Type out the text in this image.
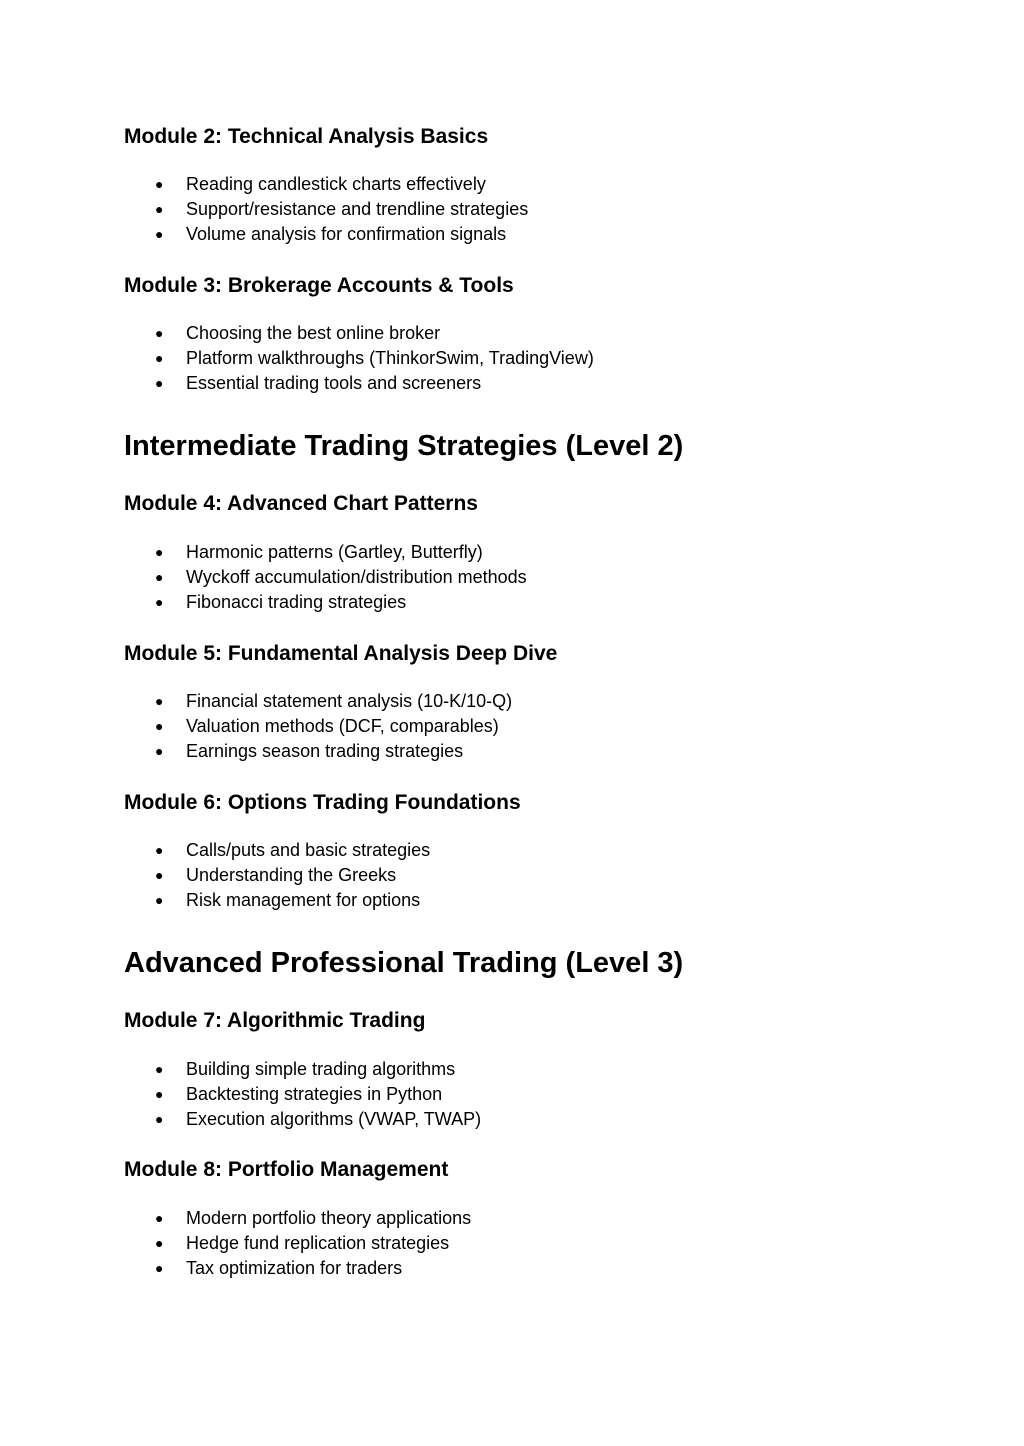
Module 2: Technical Analysis Basics
● Reading candlestick charts effectively
● Support/resistance and trendline strategies
● Volume analysis for confirmation signals
Module 3: Brokerage Accounts & Tools
● Choosing the best online broker
● Platform walkthroughs (ThinkorSwim, TradingView)
● Essential trading tools and screeners
Intermediate Trading Strategies (Level 2)
Module 4: Advanced Chart Patterns
● Harmonic patterns (Gartley, Butterfly)
● Wyckoff accumulation/distribution methods
● Fibonacci trading strategies
Module 5: Fundamental Analysis Deep Dive
● Financial statement analysis (10-K/10-Q)
● Valuation methods (DCF, comparables)
● Earnings season trading strategies
Module 6: Options Trading Foundations
● Calls/puts and basic strategies
● Understanding the Greeks
● Risk management for options
Advanced Professional Trading (Level 3)
Module 7: Algorithmic Trading
● Building simple trading algorithms
● Backtesting strategies in Python
● Execution algorithms (VWAP, TWAP)
Module 8: Portfolio Management
● Modern portfolio theory applications
● Hedge fund replication strategies
● Tax optimization for traders
